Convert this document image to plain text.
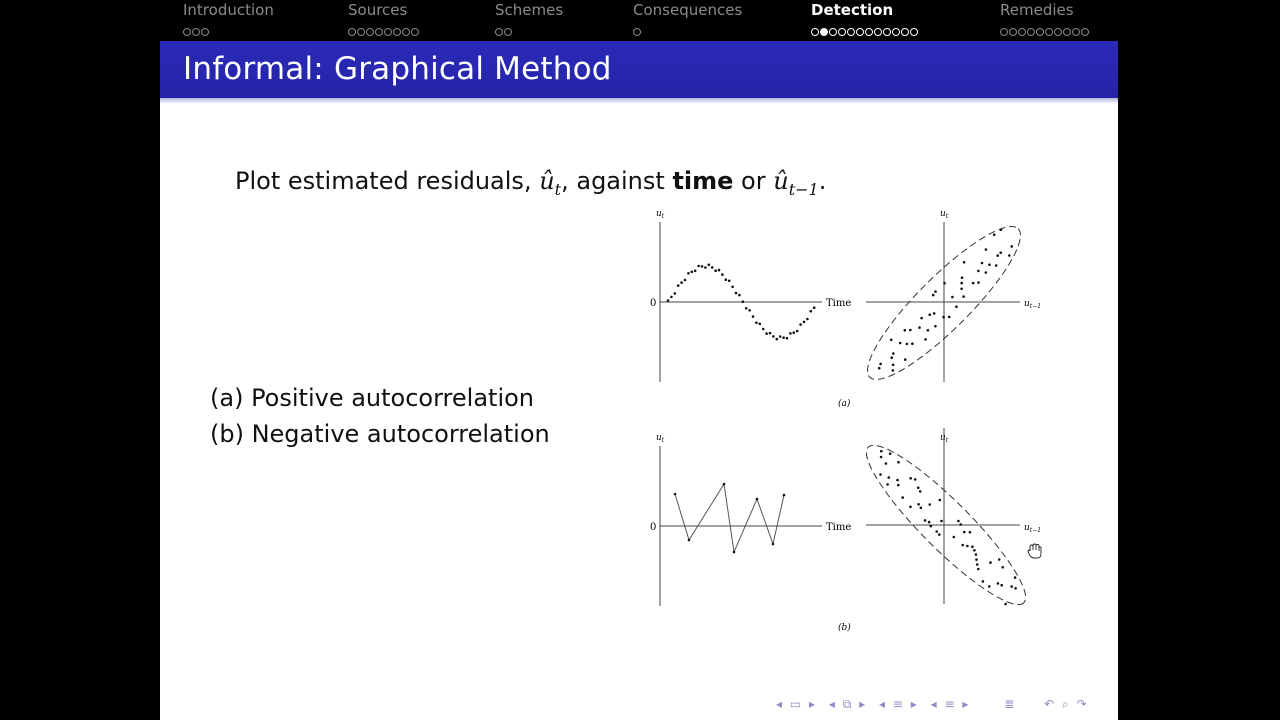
Introduction	Sources	Schemes	Consequences	Detection	Remedies
Informal: Graphical Method
Plot estimated residuals, $û_t$, against time or $û_{t-1}$.
(a) Positive autocorrelation
(b) Negative autocorrelation
$u_t$
0	Time
$u_t$
$u_{t-1}$
(a)
$u_t$
0	Time
$u_t$
$u_{t-1}$
(b)
◂ ▭ ▸ ◂ ⧉ ▸ ◂ ≡ ▸ ◂ ≡ ▸	≣ ↶ ⌕ ↷
